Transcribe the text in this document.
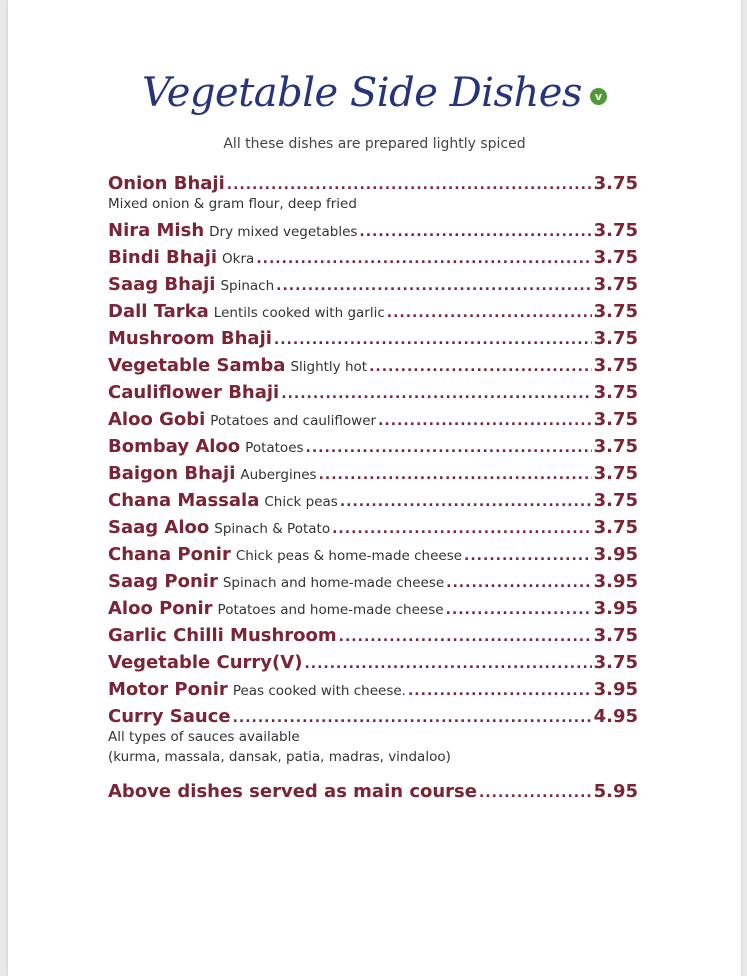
Vegetable Side Dishes v
All these dishes are prepared lightly spiced
Onion Bhaji .....	3.75
Mixed onion & gram flour, deep fried
Nira Mish Dry mixed vegetables .....	3.75
Bindi Bhaji Okra .....	3.75
Saag Bhaji Spinach .....	3.75
Dall Tarka Lentils cooked with garlic .....	3.75
Mushroom Bhaji .....	3.75
Vegetable Samba Slightly hot .....	3.75
Cauliflower Bhaji .....	3.75
Aloo Gobi Potatoes and cauliflower .....	3.75
Bombay Aloo Potatoes .....	3.75
Baigon Bhaji Aubergines .....	3.75
Chana Massala Chick peas .....	3.75
Saag Aloo Spinach & Potato .....	3.75
Chana Ponir Chick peas & home-made cheese .....	3.95
Saag Ponir Spinach and home-made cheese .....	3.95
Aloo Ponir Potatoes and home-made cheese .....	3.95
Garlic Chilli Mushroom .....	3.75
Vegetable Curry(V) .....	3.75
Motor Ponir Peas cooked with cheese. .....	3.95
Curry Sauce .....	4.95
All types of sauces available
(kurma, massala, dansak, patia, madras, vindaloo)
Above dishes served as main course .....	5.95
